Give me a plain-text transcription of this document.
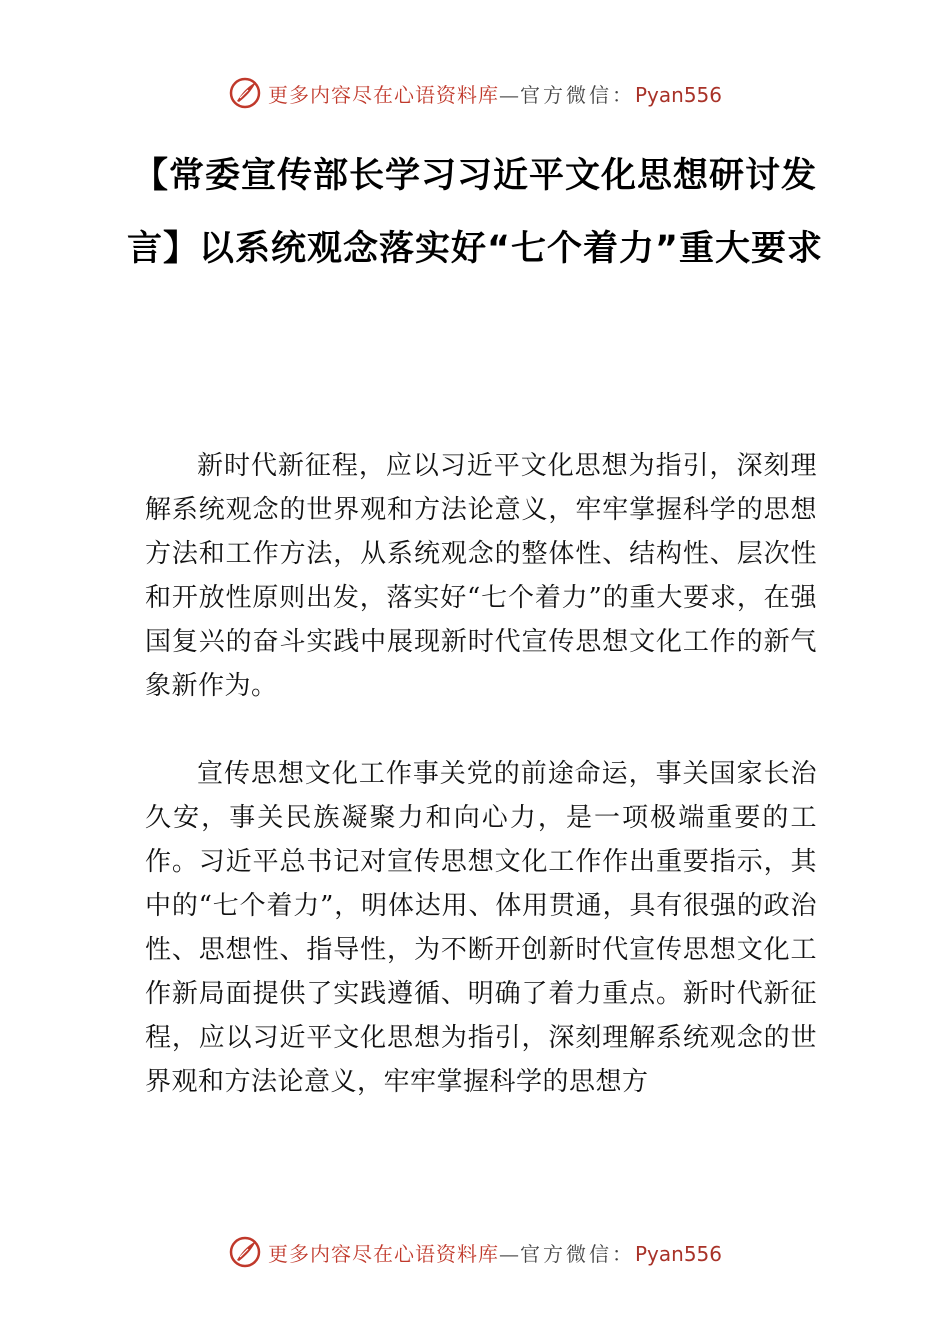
更多内容尽在心语资料库—官方微信：Pyan556
【常委宣传部长学习习近平文化思想研讨发言】以系统观念落实好“七个着力”重大要求

新时代新征程，应以习近平文化思想为指引，深刻理解系统观念的世界观和方法论意义，牢牢掌握科学的思想方法和工作方法，从系统观念的整体性、结构性、层次性和开放性原则出发，落实好“七个着力”的重大要求，在强国复兴的奋斗实践中展现新时代宣传思想文化工作的新气象新作为。

宣传思想文化工作事关党的前途命运，事关国家长治久安，事关民族凝聚力和向心力，是一项极端重要的工作。习近平总书记对宣传思想文化工作作出重要指示，其中的“七个着力”，明体达用、体用贯通，具有很强的政治性、思想性、指导性，为不断开创新时代宣传思想文化工作新局面提供了实践遵循、明确了着力重点。新时代新征程，应以习近平文化思想为指引，深刻理解系统观念的世界观和方法论意义，牢牢掌握科学的思想方

更多内容尽在心语资料库—官方微信：Pyan556
